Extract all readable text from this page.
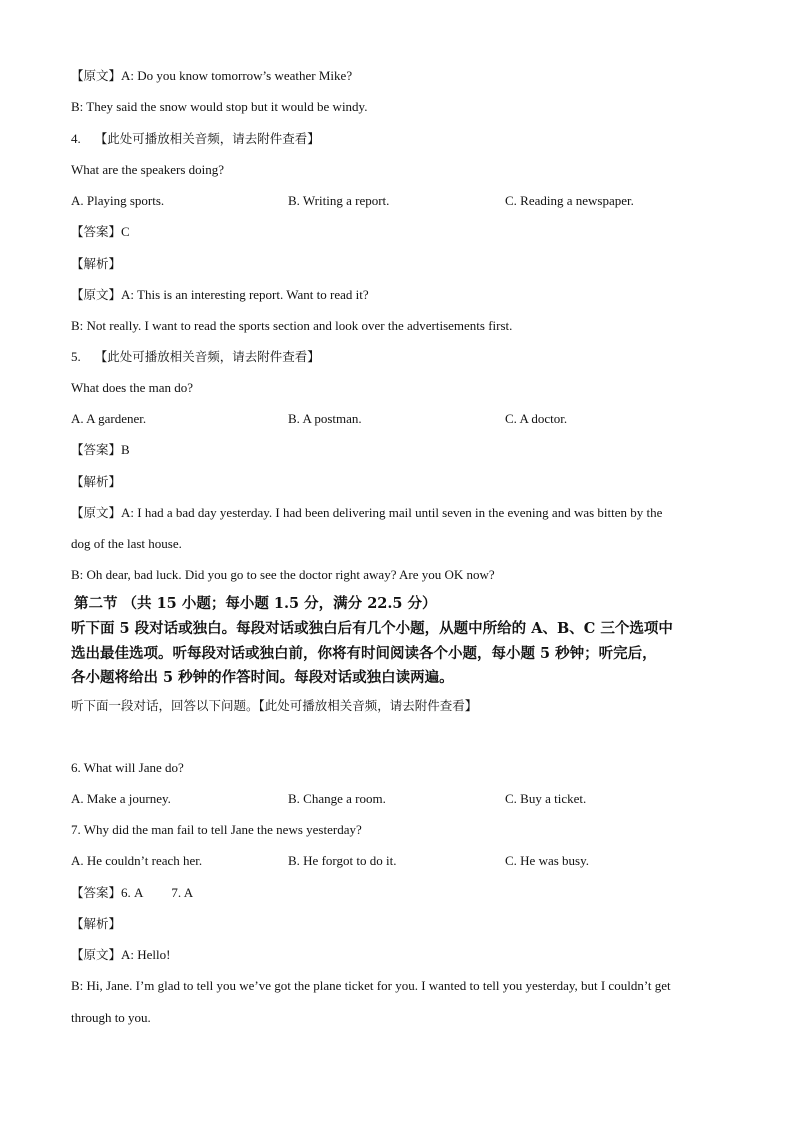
【原文】A: Do you know tomorrow’s weather Mike?
B: They said the snow would stop but it would be windy.
4. 【此处可播放相关音频，请去附件查看】
What are the speakers doing?
A. Playing sports.	B. Writing a report.	C. Reading a newspaper.
【答案】C
【解析】
【原文】A: This is an interesting report. Want to read it?
B: Not really. I want to read the sports section and look over the advertisements first.
5. 【此处可播放相关音频，请去附件查看】
What does the man do?
A. A gardener.	B. A postman.	C. A doctor.
【答案】B
【解析】
【原文】A: I had a bad day yesterday. I had been delivering mail until seven in the evening and was bitten by the
dog of the last house.
B: Oh dear, bad luck. Did you go to see the doctor right away? Are you OK now?
第二节 （共 15 小题；每小题 1.5 分，满分 22.5 分）
听下面 5 段对话或独白。每段对话或独白后有几个小题，从题中所给的 A、B、C 三个选项中
选出最佳选项。听每段对话或独白前，你将有时间阅读各个小题，每小题 5 秒钟；听完后，
各小题将给出 5 秒钟的作答时间。每段对话或独白读两遍。
听下面一段对话，回答以下问题。【此处可播放相关音频，请去附件查看】
6. What will Jane do?
A. Make a journey.	B. Change a room.	C. Buy a ticket.
7. Why did the man fail to tell Jane the news yesterday?
A. He couldn’t reach her.	B. He forgot to do it.	C. He was busy.
【答案】6. A 7. A
【解析】
【原文】A: Hello!
B: Hi, Jane. I’m glad to tell you we’ve got the plane ticket for you. I wanted to tell you yesterday, but I couldn’t get
through to you.
